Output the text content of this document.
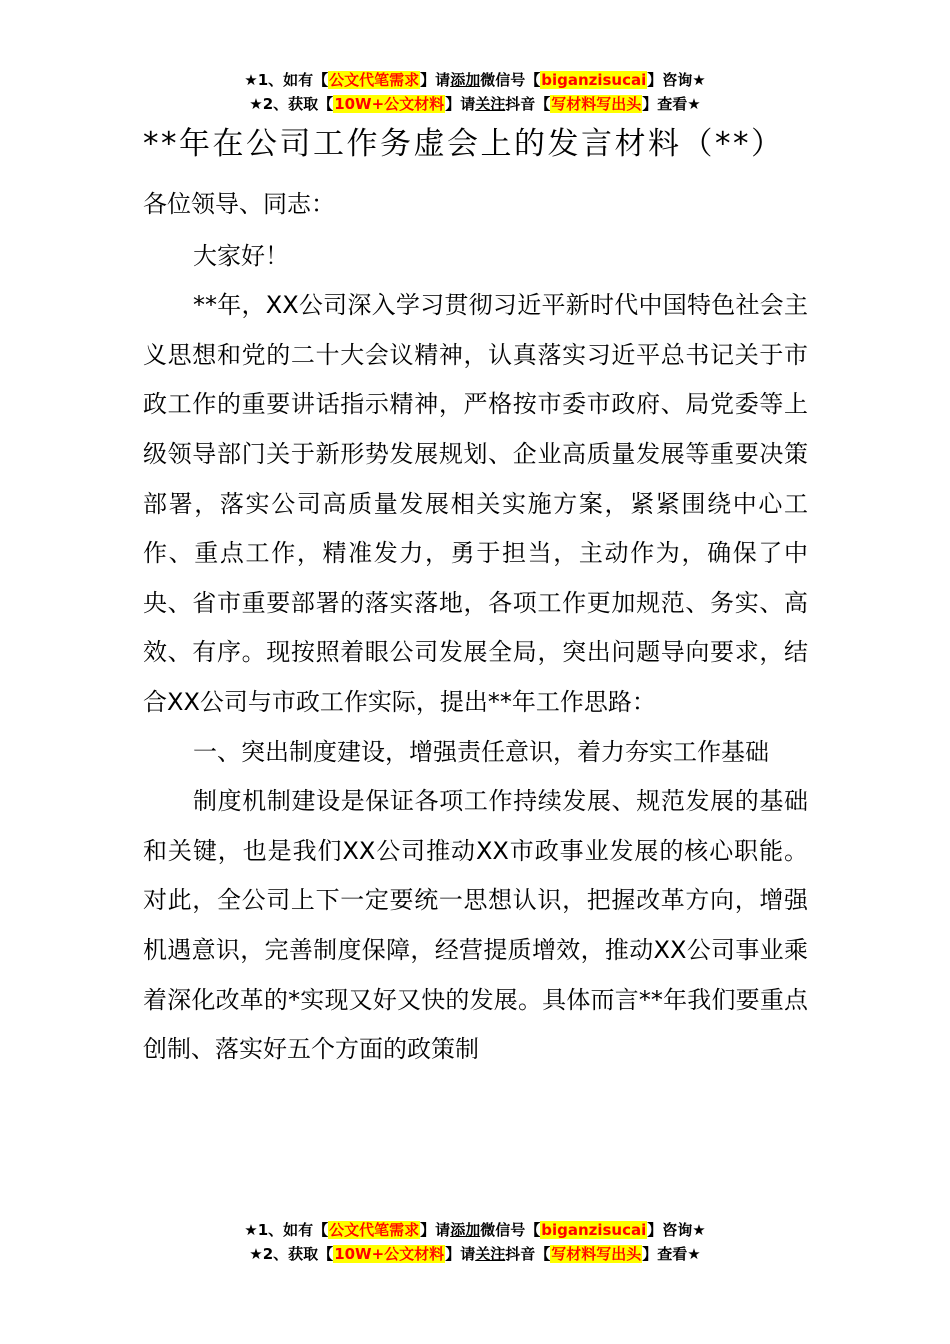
★1、如有【公文代笔需求】请添加微信号【biganzisucai】咨询★
★2、获取【10W+公文材料】请关注抖音【写材料写出头】查看★
**年在公司工作务虚会上的发言材料（**）

各位领导、同志：

大家好！

**年，XX公司深入学习贯彻习近平新时代中国特色社会主义思想和党的二十大会议精神，认真落实习近平总书记关于市政工作的重要讲话指示精神，严格按市委市政府、局党委等上级领导部门关于新形势发展规划、企业高质量发展等重要决策部署，落实公司高质量发展相关实施方案，紧紧围绕中心工作、重点工作，精准发力，勇于担当，主动作为，确保了中央、省市重要部署的落实落地，各项工作更加规范、务实、高效、有序。现按照着眼公司发展全局，突出问题导向要求，结合XX公司与市政工作实际，提出**年工作思路：

一、突出制度建设，增强责任意识，着力夯实工作基础

制度机制建设是保证各项工作持续发展、规范发展的基础和关键，也是我们XX公司推动XX市政事业发展的核心职能。对此，全公司上下一定要统一思想认识，把握改革方向，增强机遇意识，完善制度保障，经营提质增效，推动XX公司事业乘着深化改革的*实现又好又快的发展。具体而言**年我们要重点创制、落实好五个方面的政策制

★1、如有【公文代笔需求】请添加微信号【biganzisucai】咨询★
★2、获取【10W+公文材料】请关注抖音【写材料写出头】查看★
